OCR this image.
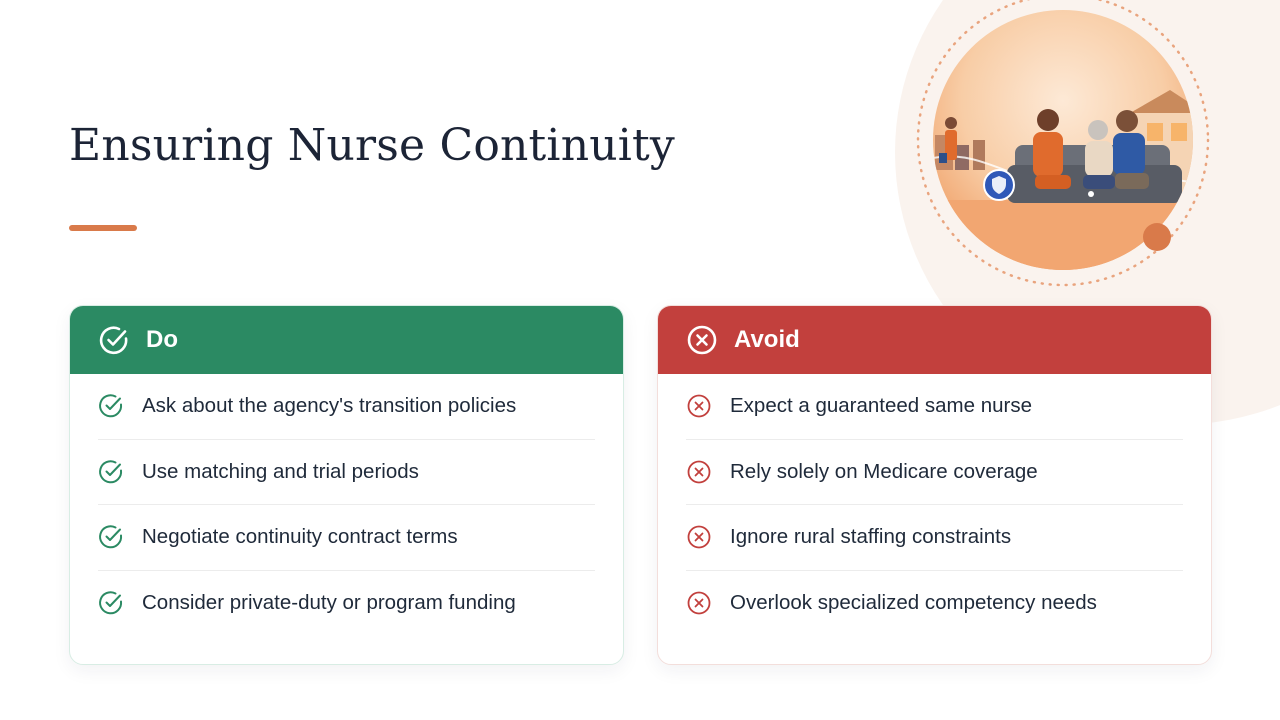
Ensuring Nurse Continuity
Do
Ask about the agency's transition policies
Use matching and trial periods
Negotiate continuity contract terms
Consider private-duty or program funding
Avoid
Expect a guaranteed same nurse
Rely solely on Medicare coverage
Ignore rural staffing constraints
Overlook specialized competency needs
